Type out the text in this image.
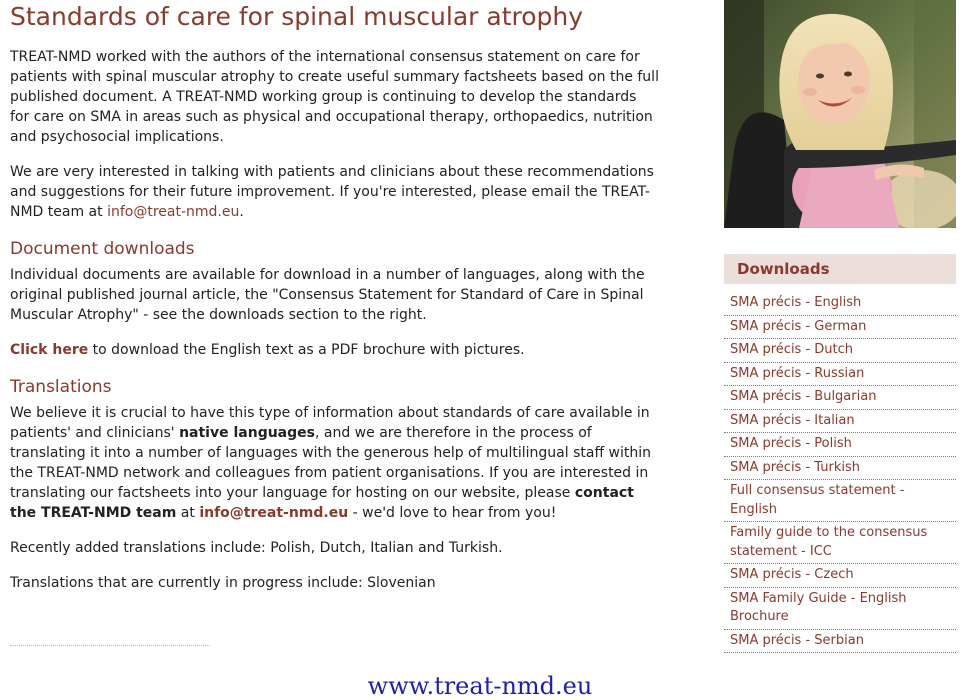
Standards of care for spinal muscular atrophy

TREAT-NMD worked with the authors of the international consensus statement on care for patients with spinal muscular atrophy to create useful summary factsheets based on the full published document. A TREAT-NMD working group is continuing to develop the standards for care on SMA in areas such as physical and occupational therapy, orthopaedics, nutrition and psychosocial implications.

We are very interested in talking with patients and clinicians about these recommendations and suggestions for their future improvement. If you're interested, please email the TREAT-NMD team at info@treat-nmd.eu.

Document downloads

Individual documents are available for download in a number of languages, along with the original published journal article, the "Consensus Statement for Standard of Care in Spinal Muscular Atrophy" - see the downloads section to the right.

Click here to download the English text as a PDF brochure with pictures.

Translations

We believe it is crucial to have this type of information about standards of care available in patients' and clinicians' native languages, and we are therefore in the process of translating it into a number of languages with the generous help of multilingual staff within the TREAT-NMD network and colleagues from patient organisations. If you are interested in translating our factsheets into your language for hosting on our website, please contact the TREAT-NMD team at info@treat-nmd.eu - we'd love to hear from you!

Recently added translations include: Polish, Dutch, Italian and Turkish.

Translations that are currently in progress include: Slovenian

Downloads
SMA précis - English
SMA précis - German
SMA précis - Dutch
SMA précis - Russian
SMA précis - Bulgarian
SMA précis - Italian
SMA précis - Polish
SMA précis - Turkish
Full consensus statement - English
Family guide to the consensus statement - ICC
SMA précis - Czech
SMA Family Guide - English Brochure
SMA précis - Serbian
www.treat-nmd.eu
